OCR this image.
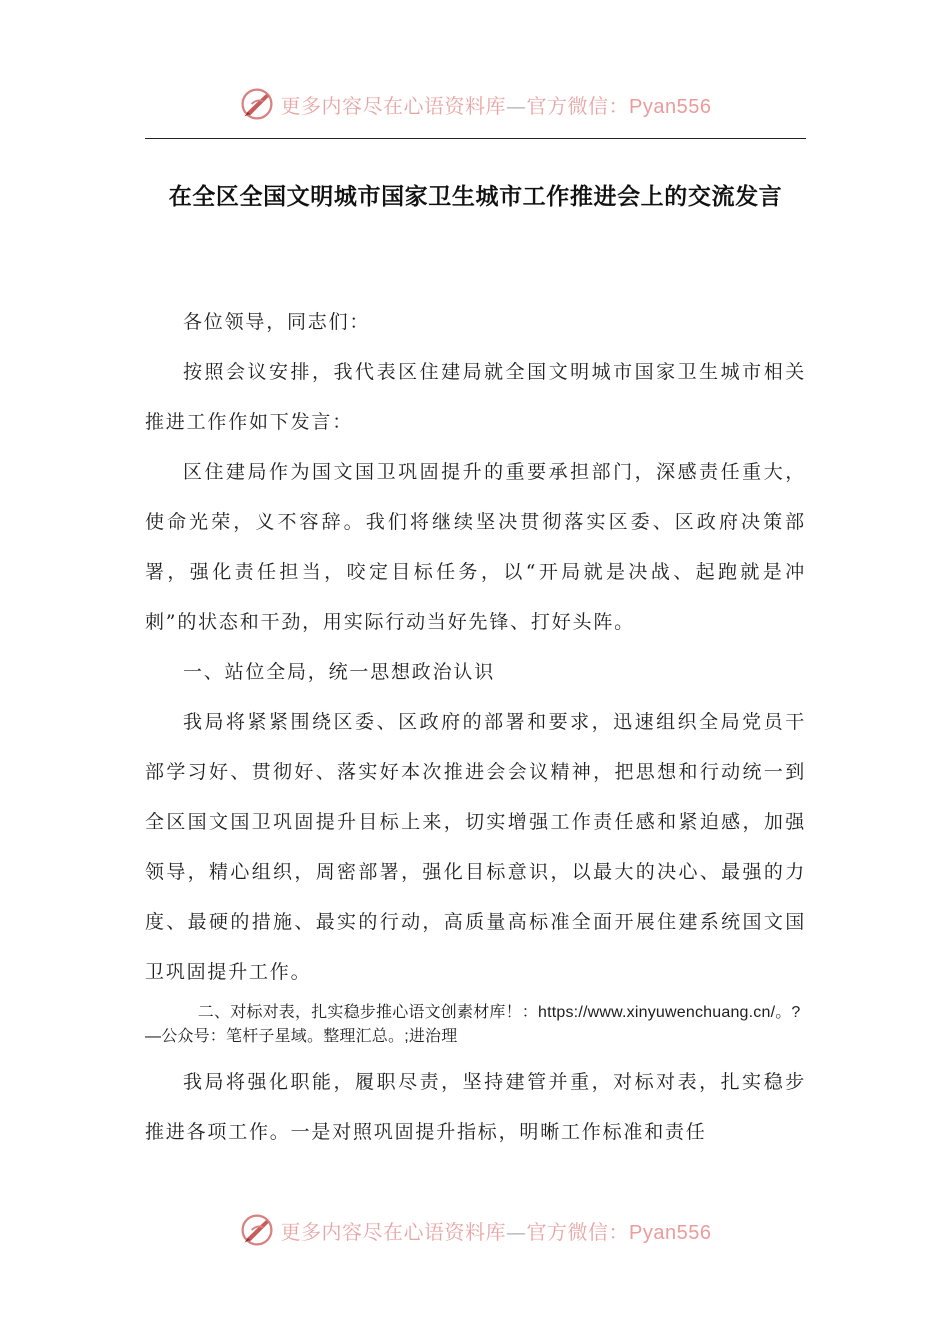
更多内容尽在心语资料库—官方微信：Pyan556
在全区全国文明城市国家卫生城市工作推进会上的交流发言

各位领导，同志们：

按照会议安排，我代表区住建局就全国文明城市国家卫生城市相关推进工作作如下发言：

区住建局作为国文国卫巩固提升的重要承担部门，深感责任重大，使命光荣，义不容辞。我们将继续坚决贯彻落实区委、区政府决策部署，强化责任担当，咬定目标任务，以“开局就是决战、起跑就是冲刺”的状态和干劲，用实际行动当好先锋、打好头阵。

一、站位全局，统一思想政治认识

我局将紧紧围绕区委、区政府的部署和要求，迅速组织全局党员干部学习好、贯彻好、落实好本次推进会会议精神，把思想和行动统一到全区国文国卫巩固提升目标上来，切实增强工作责任感和紧迫感，加强领导，精心组织，周密部署，强化目标意识，以最大的决心、最强的力度、最硬的措施、最实的行动，高质量高标准全面开展住建系统国文国卫巩固提升工作。

二、对标对表，扎实稳步推心语文创素材库！：https://www.xinyuwenchuang.cn/。?—公众号：笔杆子星域。整理汇总。;进治理

我局将强化职能，履职尽责，坚持建管并重，对标对表，扎实稳步推进各项工作。一是对照巩固提升指标，明晰工作标准和责任

更多内容尽在心语资料库—官方微信：Pyan556
